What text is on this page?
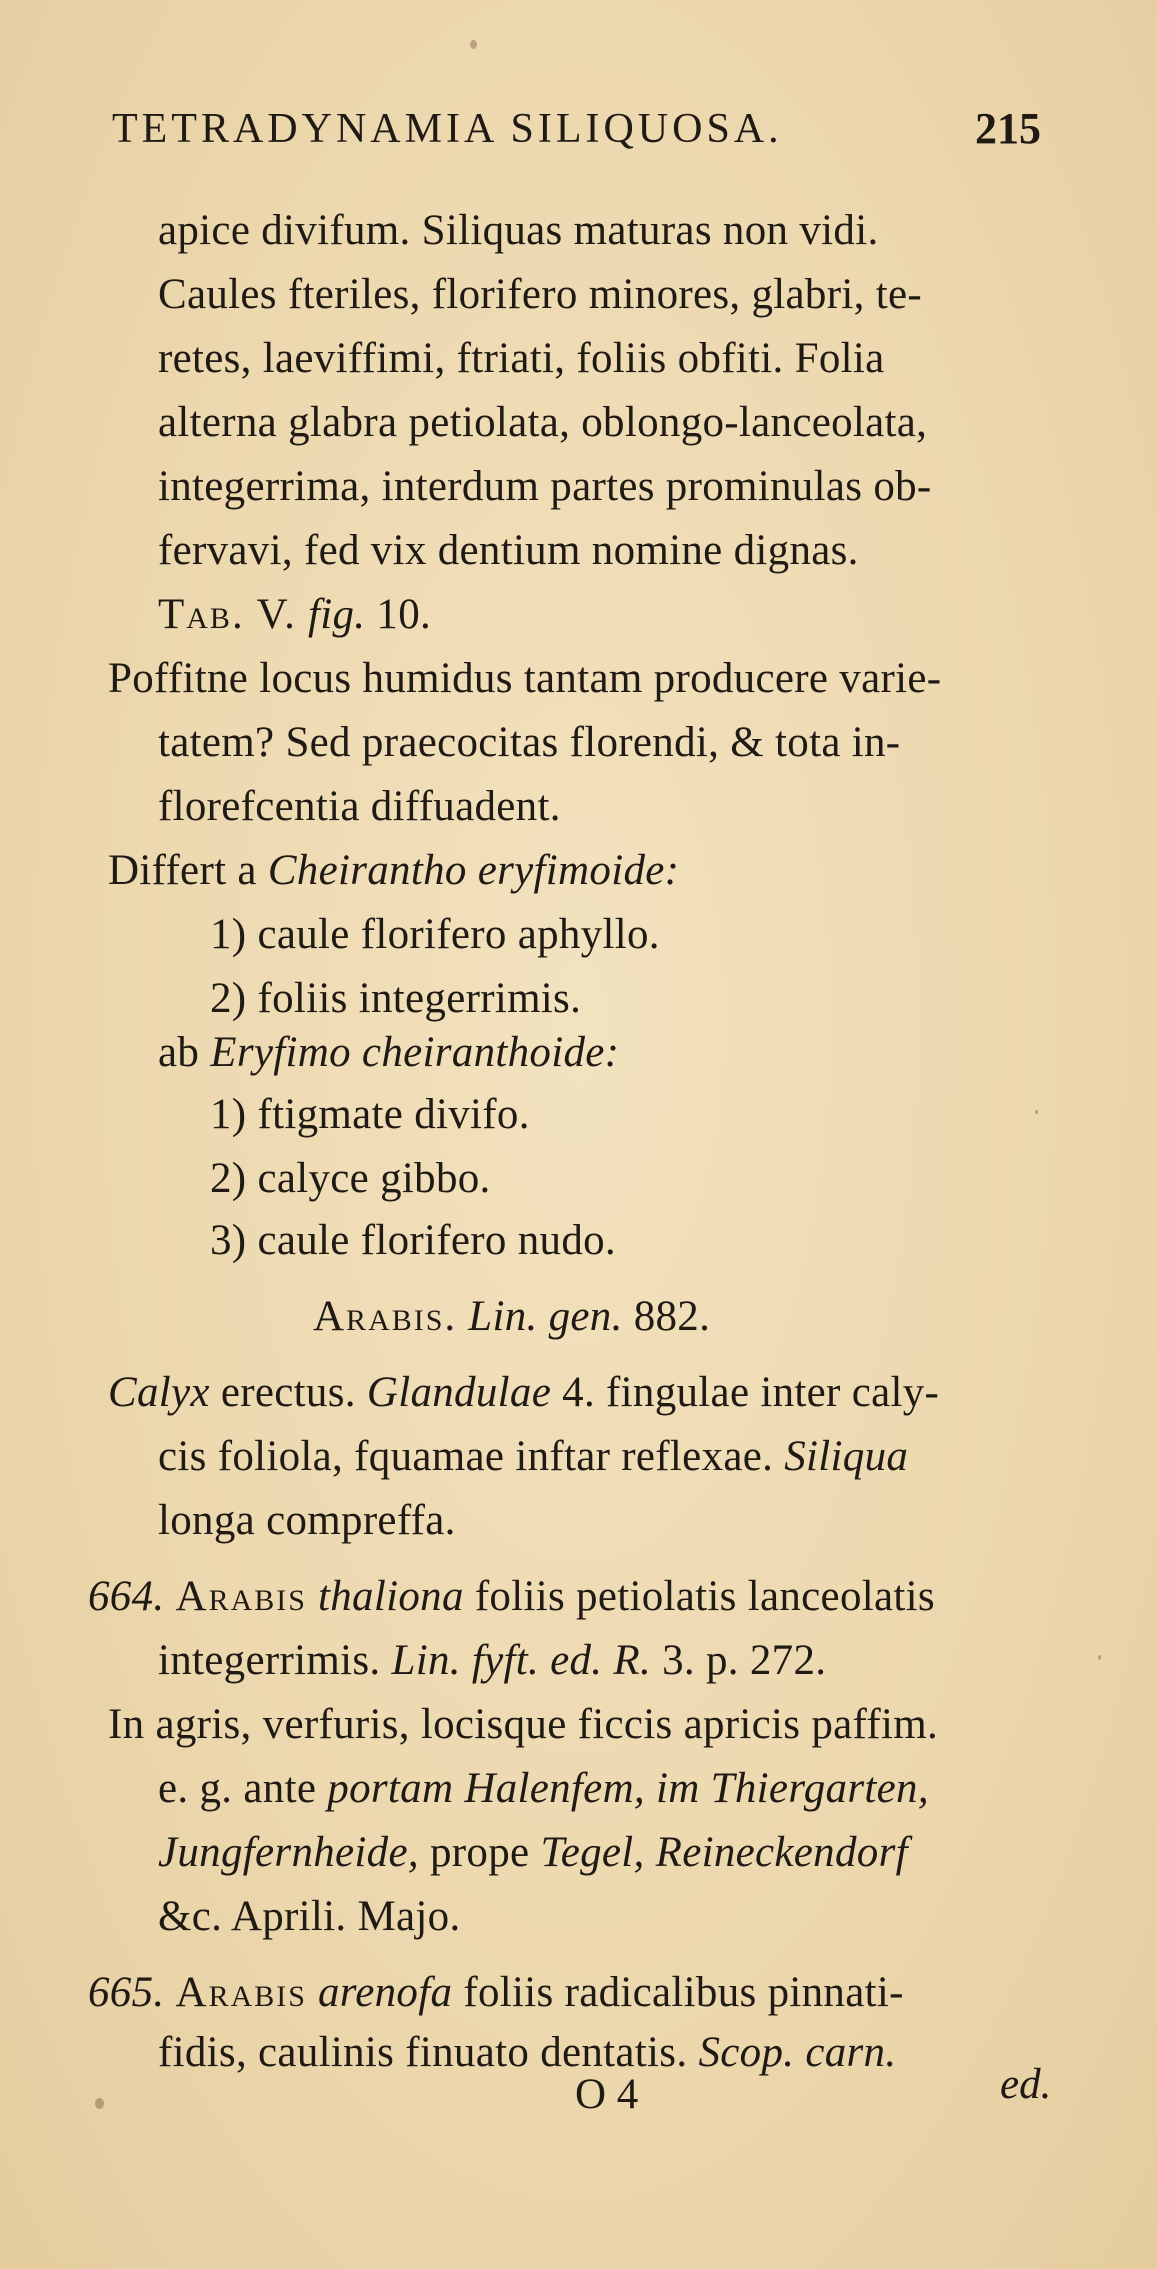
TETRADYNAMIA SILIQUOSA.	215
apice divifum. Siliquas maturas non vidi.
Caules fteriles, florifero minores, glabri, te-
retes, laeviffimi, ftriati, foliis obfiti. Folia
alterna glabra petiolata, oblongo-lanceolata,
integerrima, interdum partes prominulas ob-
fervavi, fed vix dentium nomine dignas.
Tab. V. fig. 10.
Poffitne locus humidus tantam producere varie-
tatem? Sed praecocitas florendi, & tota in-
florefcentia diffuadent.
Differt a Cheirantho eryfimoide:
1) caule florifero aphyllo.
2) foliis integerrimis.
ab Eryfimo cheiranthoide:
1) ftigmate divifo.
2) calyce gibbo.
3) caule florifero nudo.
Arabis. Lin. gen. 882.
Calyx erectus. Glandulae 4. fingulae inter caly-
cis foliola, fquamae inftar reflexae. Siliqua
longa compreffa.
664. Arabis thaliona foliis petiolatis lanceolatis
integerrimis. Lin. fyft. ed. R. 3. p. 272.
In agris, verfuris, locisque ficcis apricis paffim.
e. g. ante portam Halenfem, im Thiergarten,
Jungfernheide, prope Tegel, Reineckendorf
&c. Aprili. Majo.
665. Arabis arenofa foliis radicalibus pinnati-
fidis, caulinis finuato dentatis. Scop. carn.
O 4	ed.
